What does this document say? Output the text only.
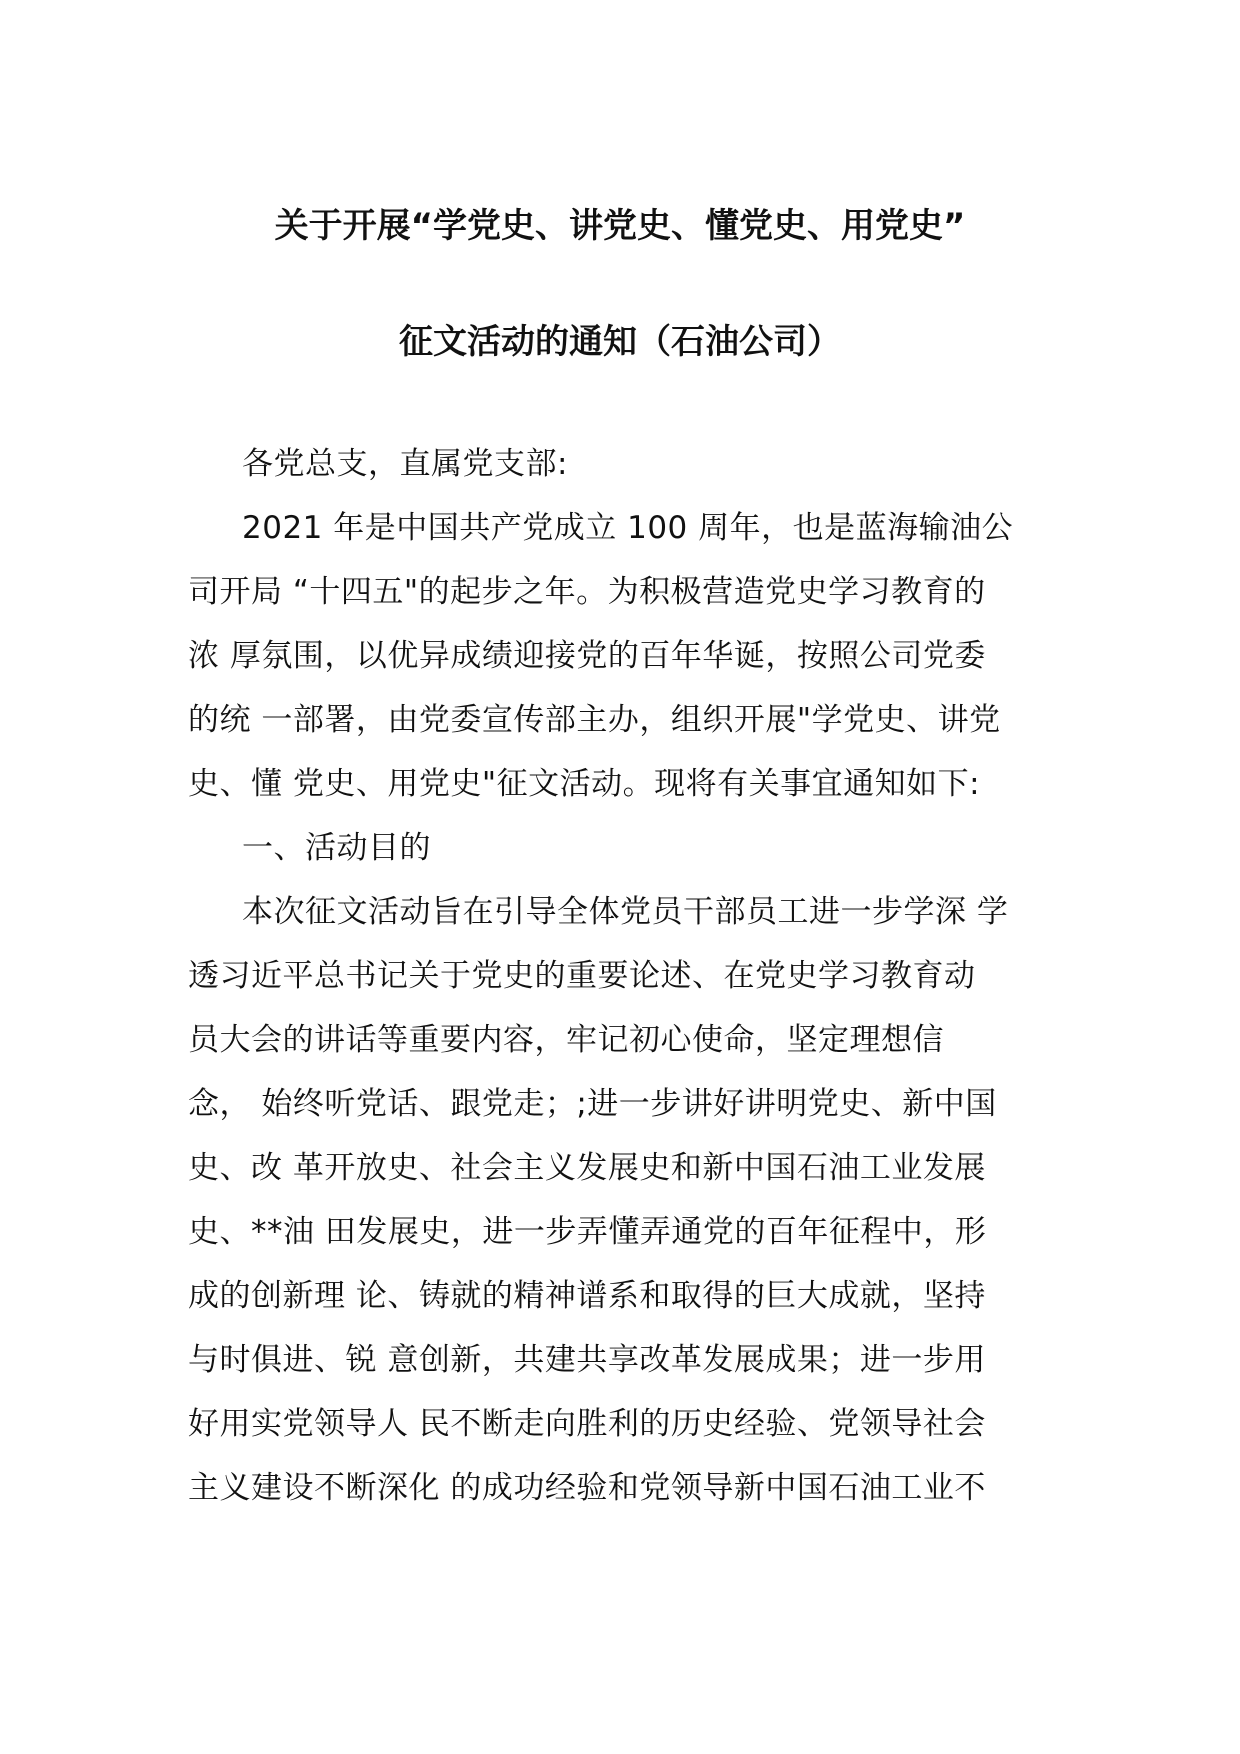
关于开展“学党史、讲党史、懂党史、用党史”
征文活动的通知（石油公司）
各党总支，直属党支部:
2021 年是中国共产党成立 100 周年，也是蓝海输油公
司开局 “十四五"的起步之年。为积极营造党史学习教育的
浓 厚氛围，以优异成绩迎接党的百年华诞，按照公司党委
的统 一部署，由党委宣传部主办，组织开展"学党史、讲党
史、懂 党史、用党史"征文活动。现将有关事宜通知如下:
一、活动目的
本次征文活动旨在引导全体党员干部员工进一步学深 学
透习近平总书记关于党史的重要论述、在党史学习教育动
员大会的讲话等重要内容，牢记初心使命，坚定理想信
念， 始终听党话、跟党走；;进一步讲好讲明党史、新中国
史、改 革开放史、社会主义发展史和新中国石油工业发展
史、**油 田发展史，进一步弄懂弄通党的百年征程中，形
成的创新理 论、铸就的精神谱系和取得的巨大成就，坚持
与时俱进、锐 意创新，共建共享改革发展成果；进一步用
好用实党领导人 民不断走向胜利的历史经验、党领导社会
主义建设不断深化 的成功经验和党领导新中国石油工业不
